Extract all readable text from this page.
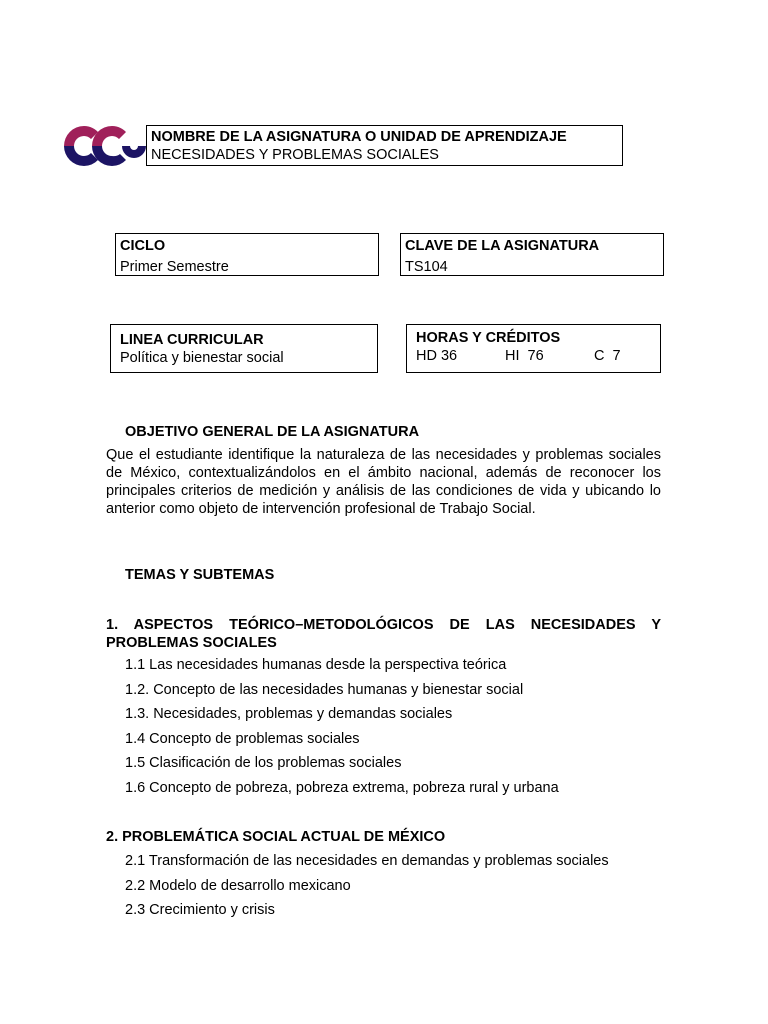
NOMBRE DE LA ASIGNATURA O UNIDAD DE APRENDIZAJE
NECESIDADES Y PROBLEMAS SOCIALES
CICLO
Primer Semestre
CLAVE DE LA ASIGNATURA
TS104
LINEA CURRICULAR
Política y bienestar social
HORAS Y CRÉDITOS
HD 36	HI  76	C  7
OBJETIVO GENERAL DE LA ASIGNATURA
Que el estudiante identifique la naturaleza de las necesidades y problemas sociales de México, contextualizándolos en el ámbito nacional, además de reconocer los principales criterios de medición y análisis de las condiciones de vida y ubicando lo anterior como objeto de intervención profesional de Trabajo Social.
TEMAS Y SUBTEMAS
1. ASPECTOS TEÓRICO–METODOLÓGICOS DE LAS NECESIDADES Y PROBLEMAS SOCIALES
1.1 Las necesidades humanas desde la perspectiva teórica
1.2. Concepto de las necesidades humanas y bienestar social
1.3. Necesidades, problemas y demandas sociales
1.4 Concepto de problemas sociales
1.5 Clasificación de los problemas sociales
1.6 Concepto de pobreza, pobreza extrema, pobreza rural y urbana
2. PROBLEMÁTICA SOCIAL ACTUAL DE MÉXICO
2.1 Transformación de las necesidades en demandas y problemas sociales
2.2 Modelo de desarrollo mexicano
2.3 Crecimiento y crisis
